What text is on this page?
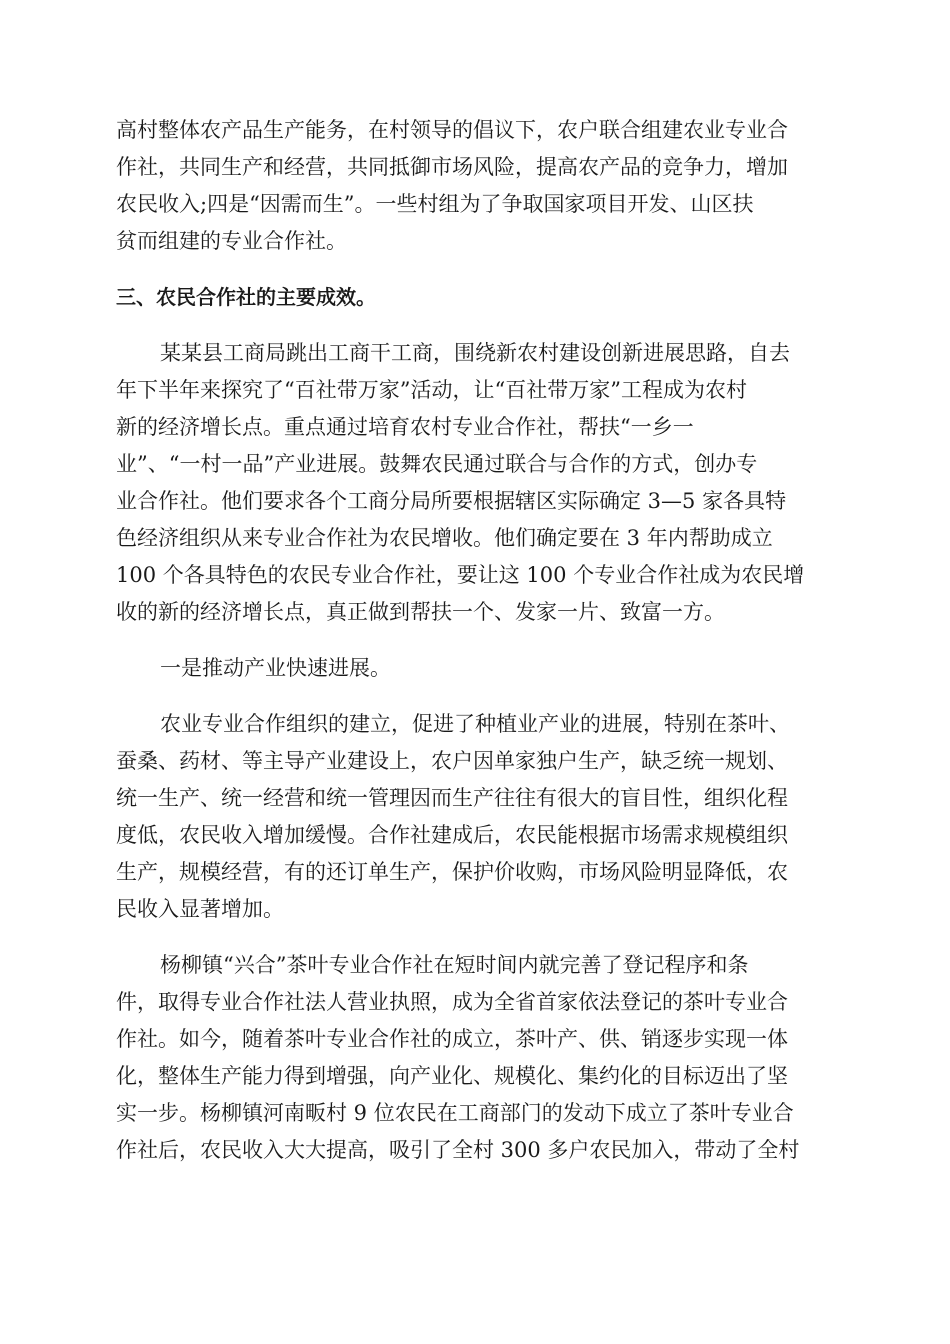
高村整体农产品生产能务，在村领导的倡议下，农户联合组建农业专业合
作社，共同生产和经营，共同抵御市场风险，提高农产品的竞争力，增加
农民收入;四是“因需而生”。一些村组为了争取国家项目开发、山区扶
贫而组建的专业合作社。
三、农民合作社的主要成效。
某某县工商局跳出工商干工商，围绕新农村建设创新进展思路，自去
年下半年来探究了“百社带万家”活动，让“百社带万家”工程成为农村
新的经济增长点。重点通过培育农村专业合作社，帮扶“一乡一
业”、“一村一品”产业进展。鼓舞农民通过联合与合作的方式，创办专
业合作社。他们要求各个工商分局所要根据辖区实际确定 3—5 家各具特
色经济组织从来专业合作社为农民增收。他们确定要在 3 年内帮助成立
100 个各具特色的农民专业合作社，要让这 100 个专业合作社成为农民增
收的新的经济增长点，真正做到帮扶一个、发家一片、致富一方。
一是推动产业快速进展。
农业专业合作组织的建立，促进了种植业产业的进展，特别在茶叶、
蚕桑、药材、等主导产业建设上，农户因单家独户生产，缺乏统一规划、
统一生产、统一经营和统一管理因而生产往往有很大的盲目性，组织化程
度低，农民收入增加缓慢。合作社建成后，农民能根据市场需求规模组织
生产，规模经营，有的还订单生产，保护价收购，市场风险明显降低，农
民收入显著增加。
杨柳镇“兴合”茶叶专业合作社在短时间内就完善了登记程序和条
件，取得专业合作社法人营业执照，成为全省首家依法登记的茶叶专业合
作社。如今，随着茶叶专业合作社的成立，茶叶产、供、销逐步实现一体
化，整体生产能力得到增强，向产业化、规模化、集约化的目标迈出了坚
实一步。杨柳镇河南畈村 9 位农民在工商部门的发动下成立了茶叶专业合
作社后，农民收入大大提高，吸引了全村 300 多户农民加入，带动了全村
